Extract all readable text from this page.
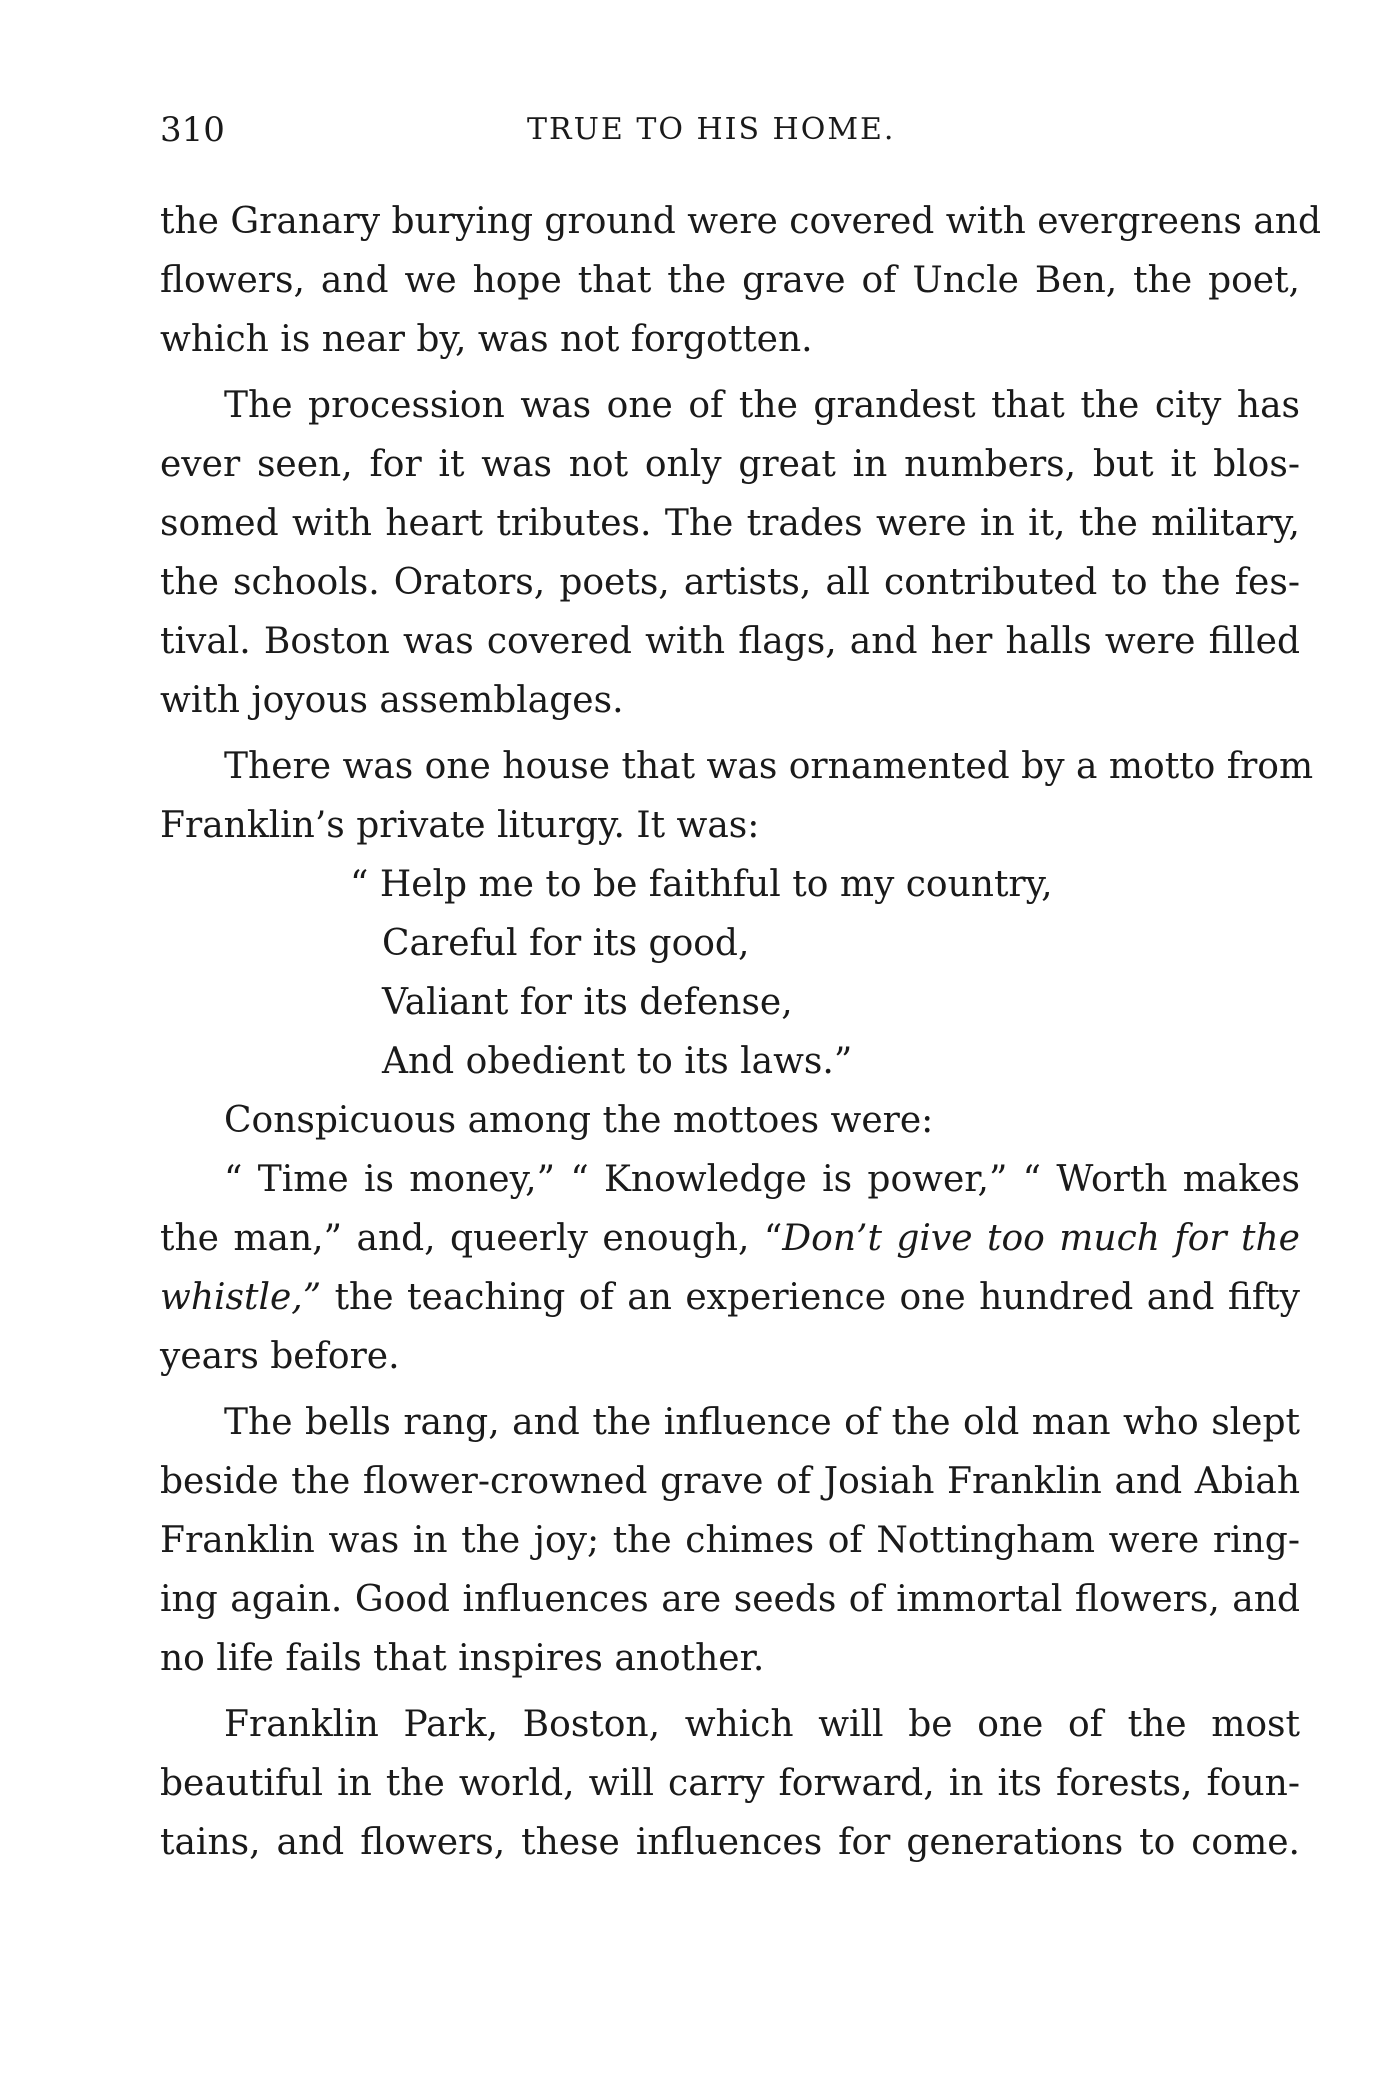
310	TRUE TO HIS HOME.
the Granary burying ground were covered with evergreens and
flowers, and we hope that the grave of Uncle Ben, the poet,
which is near by, was not forgotten.
The procession was one of the grandest that the city has
ever seen, for it was not only great in numbers, but it blos-
somed with heart tributes. The trades were in it, the military,
the schools. Orators, poets, artists, all contributed to the fes-
tival. Boston was covered with flags, and her halls were filled
with joyous assemblages.
There was one house that was ornamented by a motto from
Franklin’s private liturgy. It was:
“ Help me to be faithful to my country,
Careful for its good,
Valiant for its defense,
And obedient to its laws.”
Conspicuous among the mottoes were:
“ Time is money,” “ Knowledge is power,” “ Worth makes
the man,” and, queerly enough, “Don’t give too much for the
whistle,” the teaching of an experience one hundred and fifty
years before.
The bells rang, and the influence of the old man who slept
beside the flower-crowned grave of Josiah Franklin and Abiah
Franklin was in the joy; the chimes of Nottingham were ring-
ing again. Good influences are seeds of immortal flowers, and
no life fails that inspires another.
Franklin Park, Boston, which will be one of the most
beautiful in the world, will carry forward, in its forests, foun-
tains, and flowers, these influences for generations to come.
